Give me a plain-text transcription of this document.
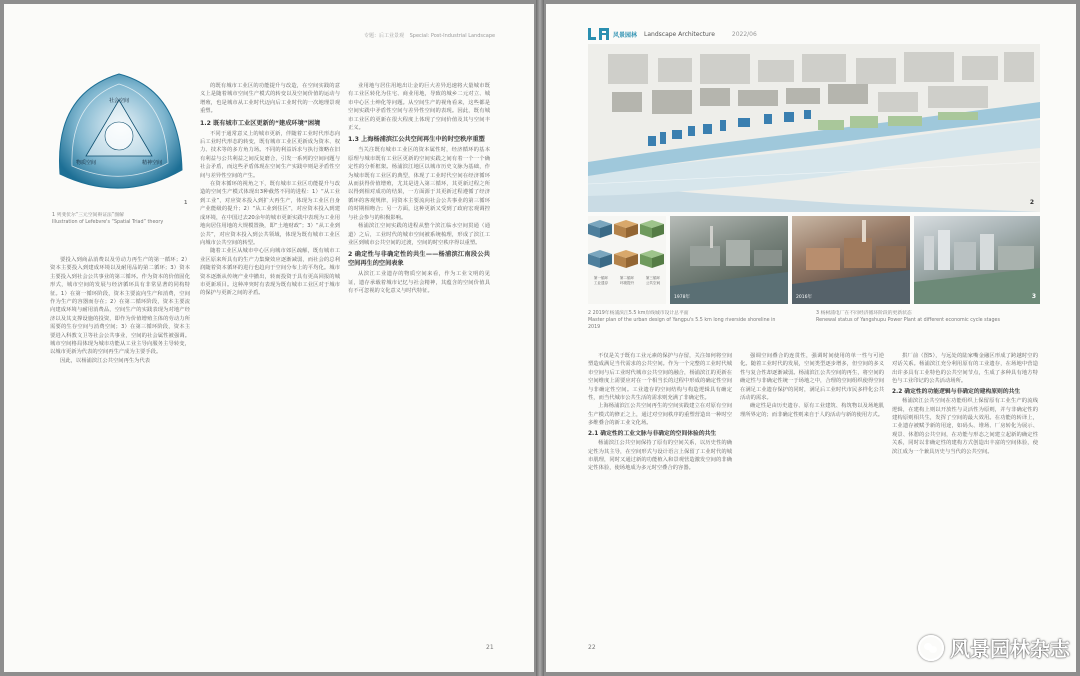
专题：后工业景观 Special: Post-Industrial Landscape
社会空间
物质空间	精神空间
1
1 列斐伏尔“三元空间辩证法”图解
Illustration of Lefebvre's “Spatial Triad” theory

要投入到商品消费以及劳动力再生产的第一循环；2）资本主要投入到建成环境以及耐用品的第二循环；3）资本主要投入到社会公共事业的第三循环。作为资本的价值固化形式，城市空间的发展与经济循环具有非常显著的同构特征。1）在第一循环阶段，资本主要流向生产和消费，空间作为生产的容器而存在；2）在第二循环阶段，资本主要流向建成环境与耐用消费品，空间生产的实践表现为对地产经济以及其支撑设施的投资，即作为价值增殖主体的劳动力所需要的生存空间与消费空间；3）在第三循环阶段，资本主要进入科教文卫等社会公共事业，空间的社会属性被强调。城市空间格局体现为城市功能从工业主导向服务主导转变，以城市更新为代表的空间再生产成为主要手段。

因此，以杨浦滨江公共空间再生为代表

的既有城市工业区的功能提升与改造，在空间实践的意义上是随着城市空间生产模式的转变以及空间价值的运动与增殖，也是城市从工业时代迈向后工业时代的一次地理景观重塑。

1.2 既有城市工业区更新的“建成环境”困境

不同于通常意义上的城市更新，伴随着工业时代形态向后工业时代形态的转变，既有城市工业区更新成为资本、权力、技术等的多方角力场。不同的利益诉求与执行策略在旧有利益与公共利益之间反复磨合，引发一系列的空间问题与社会矛盾，而这些矛盾体现在空间生产实践中则是矛盾性空间与差异性空间的产生。

在资本循环的视角之下，既有城市工业区功能提升与改造的空间生产模式体现出3种截然不同的进程：1）“从工业到工业”，对应资本投入到扩大再生产，体现为工业区自身产业能级的提升；2）“从工业到住区”，对应资本投入到建成环境，在中国过去20余年的城市更新实践中表现为工业用地向居住用地的大规模置换，即“土地财政”；3）“从工业到公共”，对应资本投入到公共领域，体现为既有城市工业区向城市公共空间的转型。

随着工业区从城市中心区向城市郊区疏解，既有城市工业区原来所具有的生产力集聚效应逐渐减弱，而社会的总利润随着资本循环的进行也趋向于空间分布上的平均化。城市资本逐渐从传统产业中撤出，转而投资于具有更高回报的城市更新项目。这种冲突时有表现为既有城市工业区对于城市的保护与更新之间的矛盾。

业用地与居住用地出让金的巨大差异迅速将大量城市既有工业区转化为住宅、商业用地，导致的城乡二元对立、城市中心区士绅化等问题。从空间生产的视角看来，这些都是空间实践中矛盾性空间与差异性空间的表现。因此，既有城市工业区的更新在很大程度上体现了空间价值及其与空间丰正义。

1.3 上海杨浦滨江公共空间再生中的时空秩序重塑

当关注既有城市工业区的资本属性时，经济循环的基本原理与城市既有工业区更新的空间实践之间有着一个一个确定性的分析框架。杨浦滨江地区以城市历史文脉为基础，作为城市既有工业区的典型，体现了工业时代空间在经济循环从而获得价值增殖，尤其是进入第三循环，其更新过程之所以得到相对成功的结果，一方面源于其更新过程遵循了经济循环的客观规律，同资本主要流向社会公共事业的第三循环的时期相吻合；另一方面，这种更新又受到了政府宏观调控与社会参与的积极影响。

杨浦滨江空间实践的进程从整个滨江临水空间贯通（通道）之后，工业时代的城市空间被系统梳理，形成了滨江工业区到城市公共空间的过渡，空间的时空秩序得以重塑。

2 确定性与非确定性的共生——杨浦滨江南段公共空间再生的空间表象

从滨江工业遗存的物质空间来看，作为工业文明的见证，遗存承载着城市记忆与社会精神，其蕴含的空间价值具有不可忽视的文化意义与时代特征。

21
风景园林 Landscape Architecture	2022/06
2
第一循环
工业遗存
第二循环
环境提升
第三循环
公共空间
1978年	2016年	3
2 2019年杨浦滨江5.5 km岸线城市设计总平面
Master plan of the urban design of Yangpu's 5.5 km long riverside shoreline in 2019
3 杨树浦电厂在不同经济循环阶段的更新状态
Renewal status of Yangshupu Power Plant at different economic cycle stages

不仅是关于既有工业元素的保护与存留，关注如何将空间塑造成满足当代需求的公共空间。作为一个完整的工业时代城市空间与后工业时代城市公共空间的融合，杨浦滨江的更新在空间维度上需要应对在一个相当长的过程中形成的确定性空间与非确定性空间。工业遗存的空间结构与构造逻辑具有确定性，而当代城市公共生活的需求则充满了非确定性。

上海杨浦滨江公共空间再生的空间实践建立在对原有空间生产模式的修正之上，通过对空间秩序的重塑营造出一种时空多维叠合的新工业文化场。

2.1 确定性的工业文脉与非确定的空间体验的共生

杨浦滨江公共空间保持了原有的空间关系，以历史性的确定性为其主导，在空间形式与设计语言上保留了工业时代的城市肌理，同时又通过新的功能植入和景观营造激发空间的非确定性体验，使场地成为多元时空叠合的容器。

强调空间叠合的连贯性，强调时间使用的单一性与可逆化。随着工业时代的发展，空间类型逐步增多，但空间的多义性与复合性却逐渐减弱。杨浦滨江公共空间的再生，将空间的确定性与非确定性统一于场地之中，合理的空间组织使得空间在满足工业遗存保护的同时，满足后工业时代市民多样化公共活动的需求。

确定性是由历史遗存、原有工业建筑、构筑物以及场地肌理所界定的；而非确定性则来自于人的活动与新的使用方式。

拱厂前（图5），与远处的陆家嘴金融区形成了跨越时空的对话关系。杨浦滨江充分利用原有的工业遗存，在场地中营造出许多具有工业特色的公共空间节点，生成了多种具有地方特色与工业印记的公共活动场所。

2.2 确定性的功能逻辑与非确定的建构原则的共生

杨浦滨江公共空间在功能组织上保留原有工业生产的流线逻辑，在建构上则以开放性与灵活性为原则，并与非确定性的建构原则相共生，发挥了空间的最大效用。在功能的转译上，工业遗存被赋予新的用途，如码头、堆场、厂房转化为展示、观景、休憩的公共空间，在功能与形态之间建立起新的确定性关系，同时以非确定性的建构方式创造出丰富的空间体验，使滨江成为一个兼具历史与当代的公共空间。

22	风景园林杂志
